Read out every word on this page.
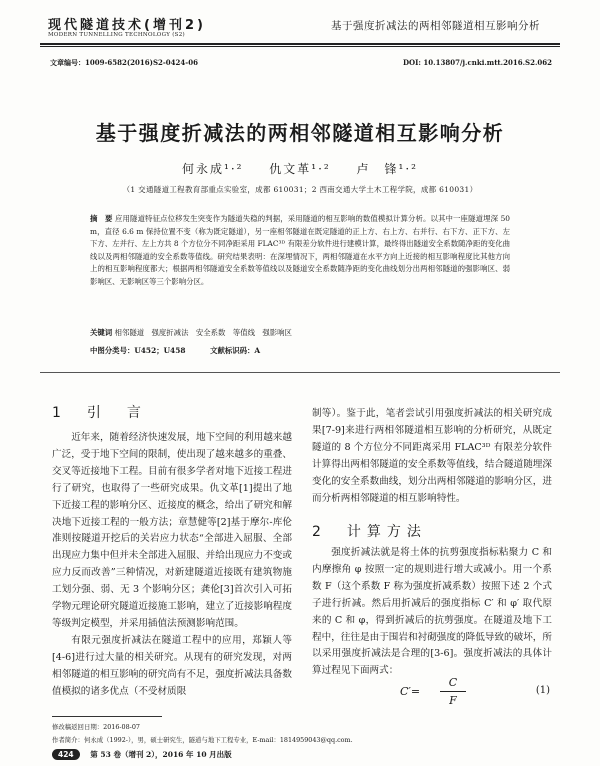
现代隧道技术(增刊2)
MODERN TUNNELLING TECHNOLOGY (S2)
基于强度折减法的两相邻隧道相互影响分析
文章编号：1009-6582(2016)S2-0424-06	DOI: 10.13807/j.cnki.mtt.2016.S2.062
基于强度折减法的两相邻隧道相互影响分析
何永成¹·² 仇文革¹·² 卢　锋¹·²
（1 交通隧道工程教育部重点实验室，成都 610031；2 西南交通大学土木工程学院，成都 610031）
摘　要 应用隧道特征点位移发生突变作为隧道失稳的判据，采用隧道的相互影响的数值模拟计算分析。以其中一座隧道埋深 50 m，直径 6.6 m 保持位置不变（称为既定隧道），另一座相邻隧道在既定隧道的正上方、右上方、右并行、右下方、正下方、左下方、左并行、左上方共 8 个方位分不同净距采用 FLAC³ᴰ 有限差分软件进行建模计算，最终得出隧道安全系数随净距的变化曲线以及两相邻隧道的安全系数等值线。研究结果表明：在深埋情况下，两相邻隧道在水平方向上近接的相互影响程度比其他方向上的相互影响程度都大；根据两相邻隧道安全系数等值线以及隧道安全系数随净距的变化曲线划分出两相邻隧道的强影响区、弱影响区、无影响区等三个影响分区。
关键词 相邻隧道　强度折减法　安全系数　等值线　强影响区
中图分类号：U452；U458	文献标识码：A
1　引　言

近年来，随着经济快速发展，地下空间的利用越来越广泛，受于地下空间的限制，使出现了越来越多的重叠、交叉等近接地下工程。目前有很多学者对地下近接工程进行了研究，也取得了一些研究成果。仇文革[1]提出了地下近接工程的影响分区、近接度的概念，给出了研究和解决地下近接工程的一般方法；章慧健等[2]基于摩尔-库伦准则按隧道开挖后的关岩应力状态“全部进入屈服、全部出现应力集中但并未全部进入屈服、并给出现应力不变或应力反而改善”三种情况，对新建隧道近接既有建筑物施工划分强、弱、无 3 个影响分区；龚伦[3]首次引入可拓学物元理论研究隧道近接施工影响，建立了近接影响程度等级判定模型，并采用插值法预测影响范围。

有限元强度折减法在隧道工程中的应用，郑颖人等[4-6]进行过大量的相关研究。从现有的研究发现，对两相邻隧道的相互影响的研究尚有不足，强度折减法具备数值模拟的诸多优点（不受材质限

制等）。鉴于此，笔者尝试引用强度折减法的相关研究成果[7-9]来进行两相邻隧道相互影响的分析研究，从既定隧道的 8 个方位分不同距离采用 FLAC³ᴰ 有限差分软件计算得出两相邻隧道的安全系数等值线，结合隧道随埋深变化的安全系数曲线，划分出两相邻隧道的影响分区，进而分析两相邻隧道的相互影响特性。

2　计算方法

强度折减法就是将土体的抗剪强度指标粘聚力 C 和内摩擦角 φ 按照一定的规则进行增大或减小。用一个系数 F（这个系数 F 称为强度折减系数）按照下述 2 个式子进行折减。然后用折减后的强度指标 C′ 和 φ′ 取代原来的 C 和 φ，得到折减后的抗剪强度。在隧道及地下工程中，往往是由于围岩和衬砌强度的降低导致的破坏，所以采用强度折减法是合理的[3-6]。强度折减法的具体计算过程见下面两式：

C′=
C
F
(1)
修改稿返回日期：2016-08-07
作者简介：何永成（1992-），男，硕士研究生，隧道与地下工程专业，E-mail：1814959043@qq.com.
424 第 53 卷（增刊 2），2016 年 10 月出版
